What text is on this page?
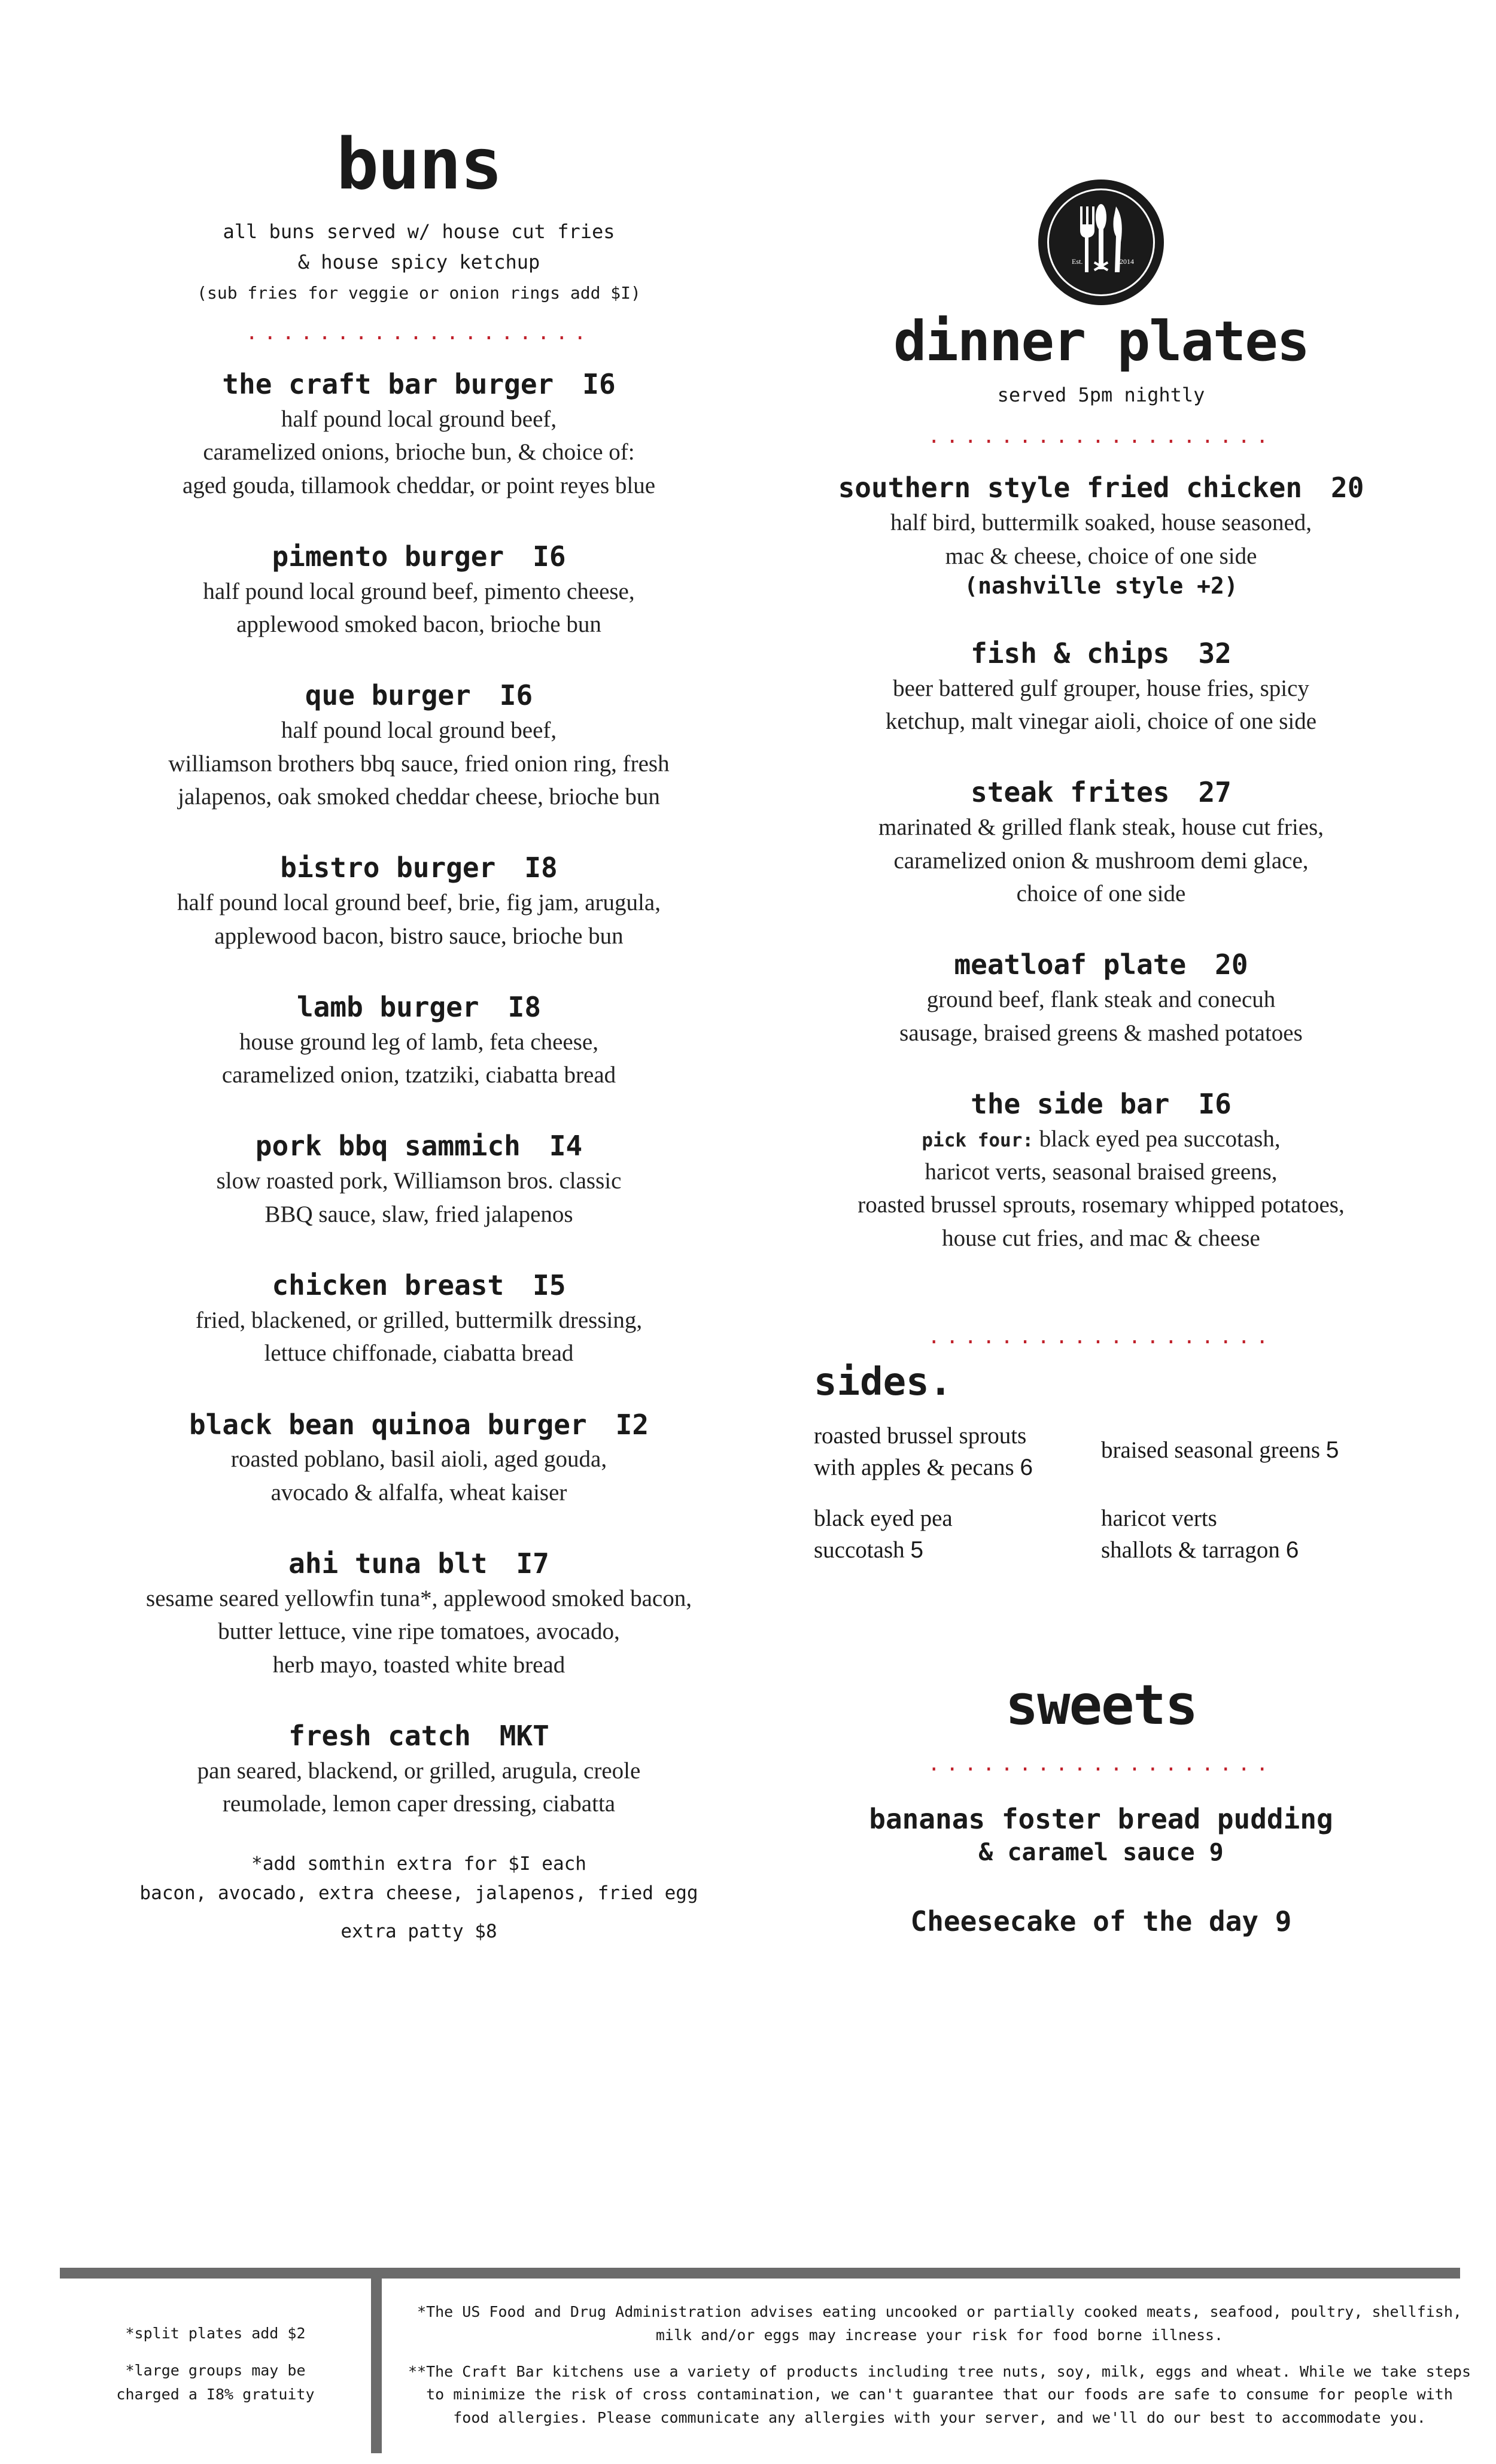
buns
all buns served w/ house cut fries
& house spicy ketchup
(sub fries for veggie or onion rings add $I)
...................
the craft bar burger I6
half pound local ground beef,
caramelized onions, brioche bun, & choice of:
aged gouda, tillamook cheddar, or point reyes blue
pimento burger I6
half pound local ground beef, pimento cheese,
applewood smoked bacon, brioche bun
que burger I6
half pound local ground beef,
williamson brothers bbq sauce, fried onion ring, fresh
jalapenos, oak smoked cheddar cheese, brioche bun
bistro burger I8
half pound local ground beef, brie, fig jam, arugula,
applewood bacon, bistro sauce, brioche bun
lamb burger I8
house ground leg of lamb, feta cheese,
caramelized onion, tzatziki, ciabatta bread
pork bbq sammich I4
slow roasted pork, Williamson bros. classic
BBQ sauce, slaw, fried jalapenos
chicken breast I5
fried, blackened, or grilled, buttermilk dressing,
lettuce chiffonade, ciabatta bread
black bean quinoa burger I2
roasted poblano, basil aioli, aged gouda,
avocado & alfalfa, wheat kaiser
ahi tuna blt I7
sesame seared yellowfin tuna*, applewood smoked bacon,
butter lettuce, vine ripe tomatoes, avocado,
herb mayo, toasted white bread
fresh catch MKT
pan seared, blackend, or grilled, arugula, creole
reumolade, lemon caper dressing, ciabatta
*add somthin extra for $I each
bacon, avocado, extra cheese, jalapenos, fried egg
extra patty $8
Est.	2014
dinner plates
served 5pm nightly
...................
southern style fried chicken 20
half bird, buttermilk soaked, house seasoned,
mac & cheese, choice of one side
(nashville style +2)
fish & chips 32
beer battered gulf grouper, house fries, spicy
ketchup, malt vinegar aioli, choice of one side
steak frites 27
marinated & grilled flank steak, house cut fries,
caramelized onion & mushroom demi glace,
choice of one side
meatloaf plate 20
ground beef, flank steak and conecuh
sausage, braised greens & mashed potatoes
the side bar I6
pick four: black eyed pea succotash,
haricot verts, seasonal braised greens,
roasted brussel sprouts, rosemary whipped potatoes,
house cut fries, and mac & cheese
...................
sides.
roasted brussel sprouts
with apples & pecans 6
braised seasonal greens 5
black eyed pea
succotash 5
haricot verts
shallots & tarragon 6
sweets
...................
bananas foster bread pudding
& caramel sauce 9
Cheesecake of the day 9

*split plates add $2

*large groups may be charged a I8% gratuity

*The US Food and Drug Administration advises eating uncooked or partially cooked meats, seafood, poultry, shellfish, milk and/or eggs may increase your risk for food borne illness.

**The Craft Bar kitchens use a variety of products including tree nuts, soy, milk, eggs and wheat. While we take steps to minimize the risk of cross contamination, we can't guarantee that our foods are safe to consume for people with food allergies. Please communicate any allergies with your server, and we'll do our best to accommodate you.
